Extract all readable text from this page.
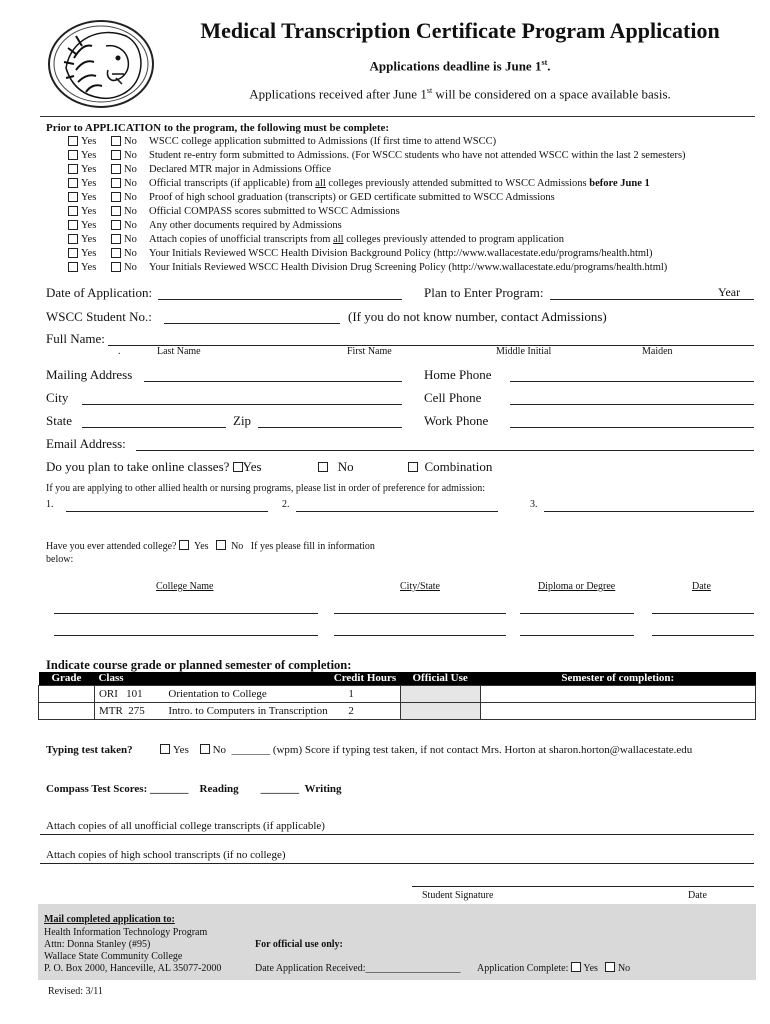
Medical Transcription Certificate Program Application
Applications deadline is June 1st.
Applications received after June 1st will be considered on a space available basis.
Prior to APPLICATION to the program, the following must be complete:
Yes	No	WSCC college application submitted to Admissions (If first time to attend WSCC)
Yes	No	Student re-entry form submitted to Admissions. (For WSCC students who have not attended WSCC within the last 2 semesters)
Yes	No	Declared MTR major in Admissions Office
Yes	No	Official transcripts (if applicable) from all colleges previously attended submitted to WSCC Admissions before June 1
Yes	No	Proof of high school graduation (transcripts) or GED certificate submitted to WSCC Admissions
Yes	No	Official COMPASS scores submitted to WSCC Admissions
Yes	No	Any other documents required by Admissions
Yes	No	Attach copies of unofficial transcripts from all colleges previously attended to program application
Yes	No	Your Initials Reviewed WSCC Health Division Background Policy (http://www.wallacestate.edu/programs/health.html)
Yes	No	Your Initials Reviewed WSCC Health Division Drug Screening Policy (http://www.wallacestate.edu/programs/health.html)
Date of Application:	Plan to Enter Program:	Year
WSCC Student No.:	(If you do not know number, contact Admissions)
Full Name:
.	Last Name	First Name	Middle Initial	Maiden
Mailing Address	Home Phone
City	Cell Phone
State	Zip	Work Phone
Email Address:
Do you plan to take online classes? Yes	No	Combination
If you are applying to other allied health or nursing programs, please list in order of preference for admission:
1.	2.	3.
Have you ever attended college? Yes No If yes please fill in information
below:
College Name	City/State	Diploma or Degree	Date
Indicate course grade or planned semester of completion:
Grade	Class	Credit Hours	Official Use	Semester of completion:
	ORI   101	Orientation to College 1		
	MTR  275	Intro. to Computers in Transcription 2		
Typing test taken?	Yes No _______ (wpm) Score if typing test taken, if not contact Mrs. Horton at sharon.horton@wallacestate.edu
Compass Test Scores: _______ Reading _______ Writing
Attach copies of all unofficial college transcripts (if applicable)
Attach copies of high school transcripts (if no college)
Student Signature	Date
Mail completed application to:
Health Information Technology Program
Attn: Donna Stanley (#95)
Wallace State Community College
P. O. Box 2000, Hanceville, AL 35077-2000
For official use only:
Date Application Received:___________________ Application Complete: Yes No
Revised: 3/11
